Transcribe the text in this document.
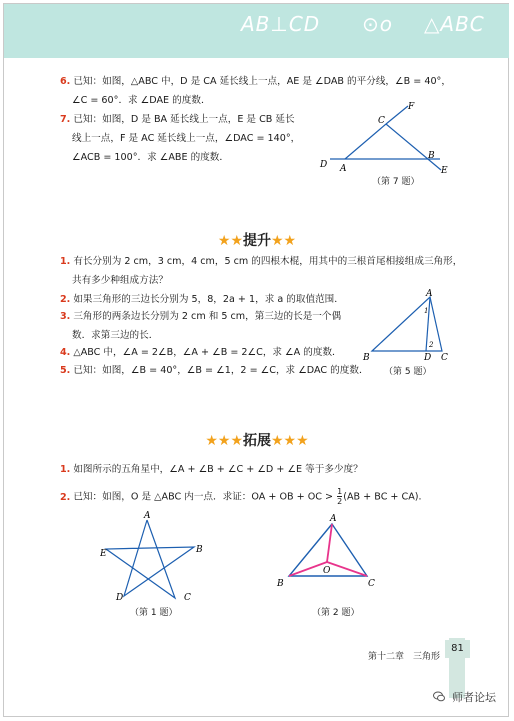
AB⊥CD ⊙o △ABC
6. 已知：如图，△ABC 中，D 是 CA 延长线上一点，AE 是 ∠DAB 的平分线，∠B = 40°，
∠C = 60°．求 ∠DAE 的度数．
7. 已知：如图，D 是 BA 延长线上一点，E 是 CB 延长
线上一点，F 是 AC 延长线上一点，∠DAC = 140°，
∠ACB = 100°．求 ∠ABE 的度数．
D A
C
F
B
E
（第 7 题）
★★提升★★
1. 有长分别为 2 cm，3 cm，4 cm，5 cm 的四根木棍，用其中的三根首尾相接组成三角形，
共有多少种组成方法？
2. 如果三角形的三边长分别为 5，8，2a + 1，求 a 的取值范围．
3. 三角形的两条边长分别为 2 cm 和 5 cm，第三边的长是一个偶
数．求第三边的长．
4. △ABC 中，∠A = 2∠B，∠A + ∠B = 2∠C，求 ∠A 的度数．
5. 已知：如图，∠B = 40°，∠B = ∠1，2 = ∠C，求 ∠DAC 的度数．
A
B	D C
1
2
（第 5 题）
★★★拓展★★★
1. 如图所示的五角星中，∠A + ∠B + ∠C + ∠D + ∠E 等于多少度？
2. 已知：如图，O 是 △ABC 内一点．求证：OA + OB + OC > $\frac{1}{2} (AB$ + BC + CA)．
A
B
C
D
E
（第 1 题）
A
B	C
O
（第 2 题）
第十二章　三角形
81
师者论坛
